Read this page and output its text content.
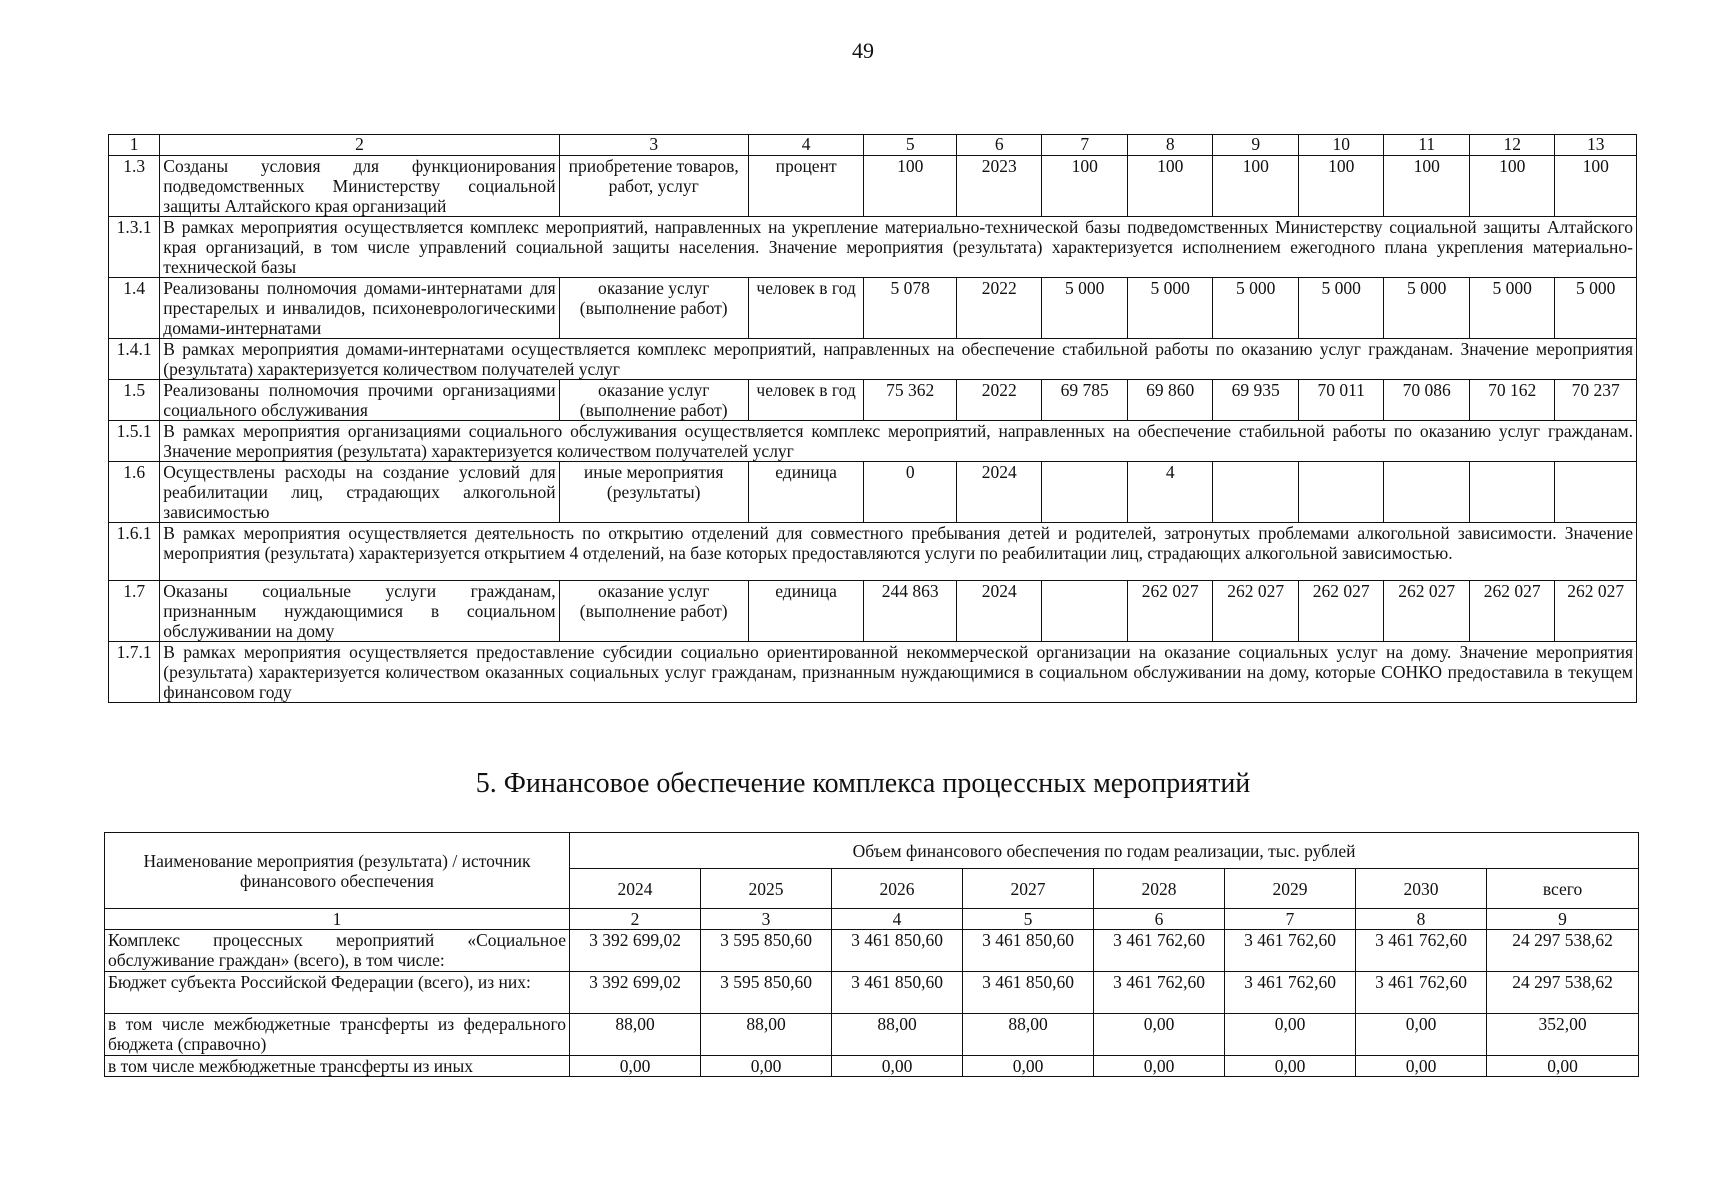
49
1	2	3	4	5	6	7	8	9	10	11	12	13
1.3	Созданы условия для функционирования подведомственных Министерству социальной защиты Алтайского края организаций	приобретение товаров, работ, услуг	процент	100	2023	100	100	100	100	100	100	100
1.3.1	В рамках мероприятия осуществляется комплекс мероприятий, направленных на укрепление материально-технической базы подведомственных Министерству социальной защиты Алтайского края организаций, в том числе управлений социальной защиты населения. Значение мероприятия (результата) характеризуется исполнением ежегодного плана укрепления материально-технической базы											
1.4	Реализованы полномочия домами-интернатами для престарелых и инвалидов, психоневрологическими домами-интернатами	оказание услуг (выполнение работ)	человек в год	5 078	2022	5 000	5 000	5 000	5 000	5 000	5 000	5 000
1.4.1	В рамках мероприятия домами-интернатами осуществляется комплекс мероприятий, направленных на обеспечение стабильной работы по оказанию услуг гражданам. Значение мероприятия (результата) характеризуется количеством получателей услуг											
1.5	Реализованы полномочия прочими организациями социального обслуживания	оказание услуг (выполнение работ)	человек в год	75 362	2022	69 785	69 860	69 935	70 011	70 086	70 162	70 237
1.5.1	В рамках мероприятия организациями социального обслуживания осуществляется комплекс мероприятий, направленных на обеспечение стабильной работы по оказанию услуг гражданам. Значение мероприятия (результата) характеризуется количеством получателей услуг											
1.6	Осуществлены расходы на создание условий для реабилитации лиц, страдающих алкогольной зависимостью	иные мероприятия (результаты)	единица	0	2024		4					
1.6.1	В рамках мероприятия осуществляется деятельность по открытию отделений для совместного пребывания детей и родителей, затронутых проблемами алкогольной зависимости. Значение мероприятия (результата) характеризуется открытием 4 отделений, на базе которых предоставляются услуги по реабилитации лиц, страдающих алкогольной зависимостью.											
1.7	Оказаны социальные услуги гражданам, признанным нуждающимися в социальном обслуживании на дому	оказание услуг (выполнение работ)	единица	244 863	2024		262 027	262 027	262 027	262 027	262 027	262 027
1.7.1	В рамках мероприятия осуществляется предоставление субсидии социально ориентированной некоммерческой организации на оказание социальных услуг на дому. Значение мероприятия (результата) характеризуется количеством оказанных социальных услуг гражданам, признанным нуждающимися в социальном обслуживании на дому, которые СОНКО предоставила в текущем финансовом году											
5. Финансовое обеспечение комплекса процессных мероприятий
Наименование мероприятия (результата) / источник финансового обеспечения	Объем финансового обеспечения по годам реализации, тыс. рублей							
	2024	2025	2026	2027	2028	2029	2030	всего
1	2	3	4	5	6	7	8	9
Комплекс процессных мероприятий «Социальное обслуживание граждан» (всего), в том числе:	3 392 699,02	3 595 850,60	3 461 850,60	3 461 850,60	3 461 762,60	3 461 762,60	3 461 762,60	24 297 538,62
Бюджет субъекта Российской Федерации (всего), из них:	3 392 699,02	3 595 850,60	3 461 850,60	3 461 850,60	3 461 762,60	3 461 762,60	3 461 762,60	24 297 538,62
в том числе межбюджетные трансферты из федерального бюджета (справочно)	88,00	88,00	88,00	88,00	0,00	0,00	0,00	352,00
в том числе межбюджетные трансферты из иных	0,00	0,00	0,00	0,00	0,00	0,00	0,00	0,00
